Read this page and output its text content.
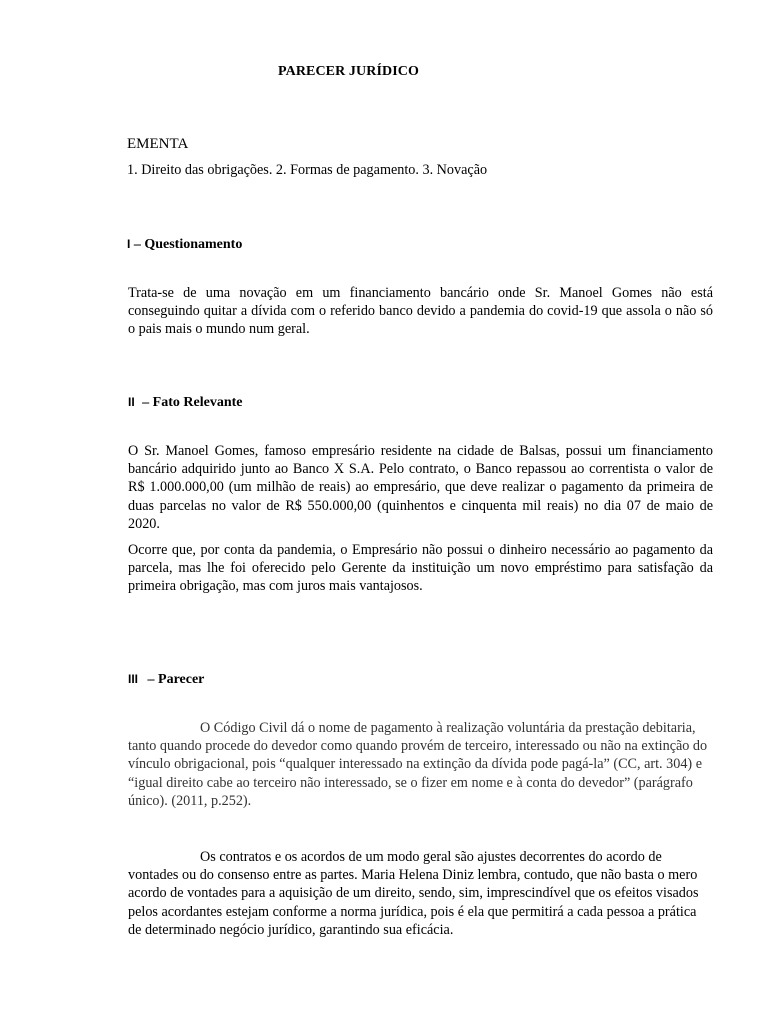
PARECER JURÍDICO

EMENTA

1. Direito das obrigações. 2. Formas de pagamento. 3. Novação

I – Questionamento

Trata-se de uma novação em um financiamento bancário onde Sr. Manoel Gomes não está conseguindo quitar a dívida com o referido banco devido a pandemia do covid-19 que assola o não só o pais mais o mundo num geral.

II – Fato Relevante

O Sr. Manoel Gomes, famoso empresário residente na cidade de Balsas, possui um financiamento bancário adquirido junto ao Banco X S.A. Pelo contrato, o Banco repassou ao correntista o valor de R$ 1.000.000,00 (um milhão de reais) ao empresário, que deve realizar o pagamento da primeira de duas parcelas no valor de R$ 550.000,00 (quinhentos e cinquenta mil reais) no dia 07 de maio de 2020.

Ocorre que, por conta da pandemia, o Empresário não possui o dinheiro necessário ao pagamento da parcela, mas lhe foi oferecido pelo Gerente da instituição um novo empréstimo para satisfação da primeira obrigação, mas com juros mais vantajosos.

III – Parecer

O Código Civil dá o nome de pagamento à realização voluntária da prestação debitaria, tanto quando procede do devedor como quando provém de terceiro, interessado ou não na extinção do vínculo obrigacional, pois “qualquer interessado na extinção da dívida pode pagá-la” (CC, art. 304) e “igual direito cabe ao terceiro não interessado, se o fizer em nome e à conta do devedor” (parágrafo único). (2011, p.252).

Os contratos e os acordos de um modo geral são ajustes decorrentes do acordo de vontades ou do consenso entre as partes. Maria Helena Diniz lembra, contudo, que não basta o mero acordo de vontades para a aquisição de um direito, sendo, sim, imprescindível que os efeitos visados pelos acordantes estejam conforme a norma jurídica, pois é ela que permitirá a cada pessoa a prática de determinado negócio jurídico, garantindo sua eficácia.
